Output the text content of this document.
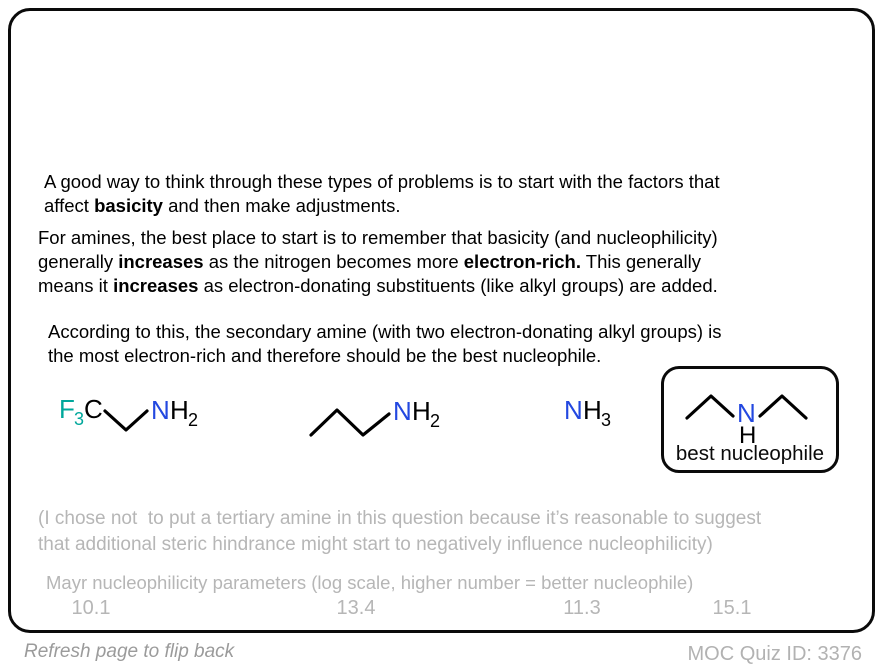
A good way to think through these types of problems is to start with the factors that
affect basicity and then make adjustments.
For amines, the best place to start is to remember that basicity (and nucleophilicity)
generally increases as the nitrogen becomes more electron-rich. This generally
means it increases as electron-donating substituents (like alkyl groups) are added.
According to this, the secondary amine (with two electron-donating alkyl groups) is
the most electron-rich and therefore should be the best nucleophile.
F 3 C N H 2	N H 2	N H 3	N
H
best nucleophile
(I chose not  to put a tertiary amine in this question because it’s reasonable to suggest
that additional steric hindrance might start to negatively influence nucleophilicity)
Mayr nucleophilicity parameters (log scale, higher number = better nucleophile)
10.1	13.4	11.3	15.1
Refresh page to flip back	MOC Quiz ID: 3376
